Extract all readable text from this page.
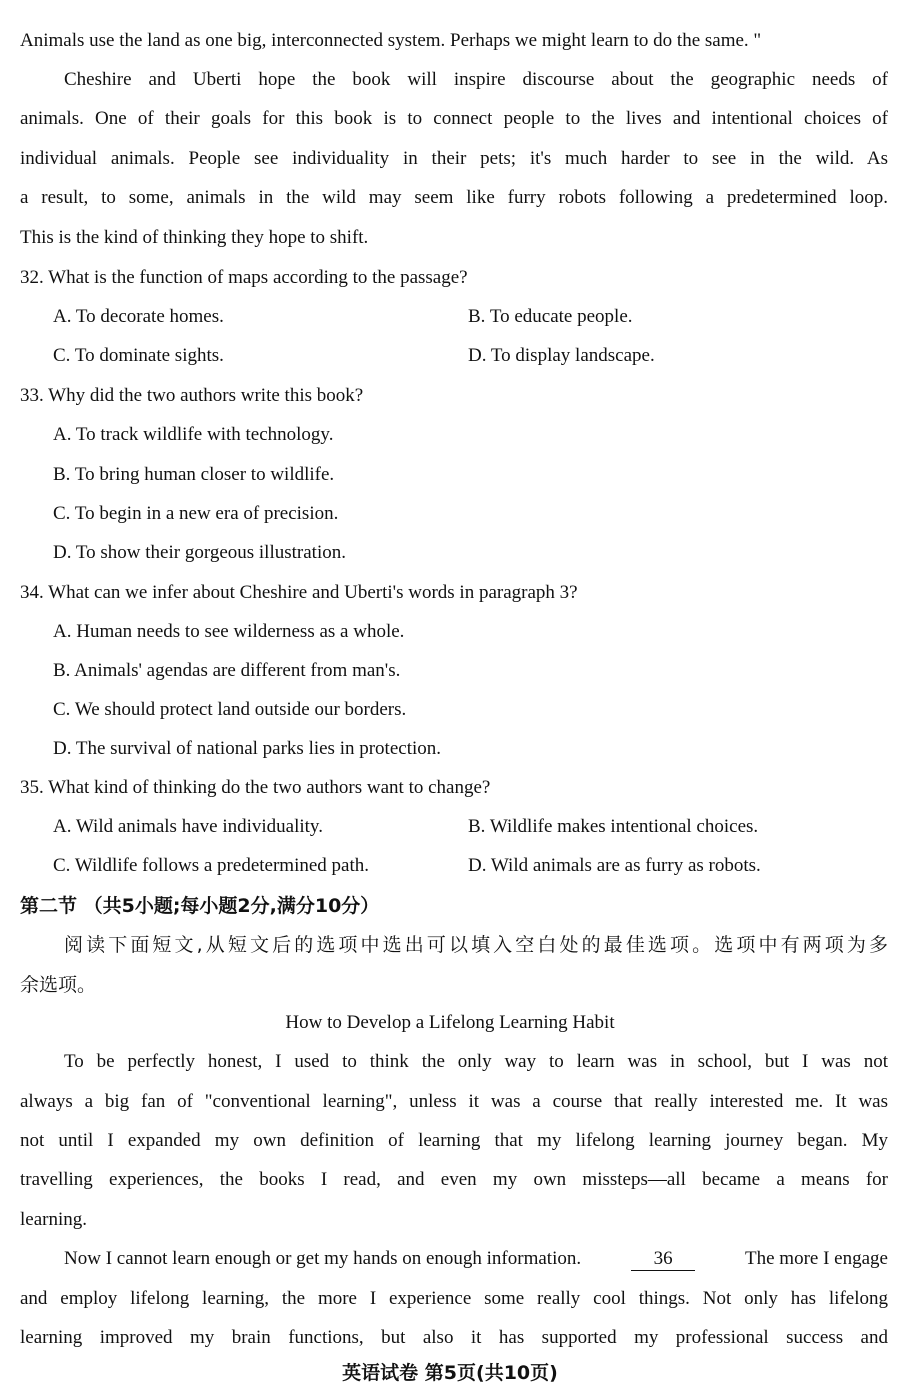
Animals use the land as one big, interconnected system. Perhaps we might learn to do the same. "
Cheshire and Uberti hope the book will inspire discourse about the geographic needs of
animals. One of their goals for this book is to connect people to the lives and intentional choices of
individual animals. People see individuality in their pets; it's much harder to see in the wild. As
a result, to some, animals in the wild may seem like furry robots following a predetermined loop.
This is the kind of thinking they hope to shift.
32. What is the function of maps according to the passage?
A. To decorate homes.	B. To educate people.
C. To dominate sights.	D. To display landscape.
33. Why did the two authors write this book?
A. To track wildlife with technology.
B. To bring human closer to wildlife.
C. To begin in a new era of precision.
D. To show their gorgeous illustration.
34. What can we infer about Cheshire and Uberti's words in paragraph 3?
A. Human needs to see wilderness as a whole.
B. Animals' agendas are different from man's.
C. We should protect land outside our borders.
D. The survival of national parks lies in protection.
35. What kind of thinking do the two authors want to change?
A. Wild animals have individuality.	B. Wildlife makes intentional choices.
C. Wildlife follows a predetermined path.	D. Wild animals are as furry as robots.
第二节 （共5小题;每小题2分,满分10分）
阅读下面短文,从短文后的选项中选出可以填入空白处的最佳选项。选项中有两项为多
余选项。
How to Develop a Lifelong Learning Habit
To be perfectly honest, I used to think the only way to learn was in school, but I was not
always a big fan of "conventional learning", unless it was a course that really interested me. It was
not until I expanded my own definition of learning that my lifelong learning journey began. My
travelling experiences, the books I read, and even my own missteps—all became a means for
learning.
Now I cannot learn enough or get my hands on enough information.	36	The more I engage
and employ lifelong learning, the more I experience some really cool things. Not only has lifelong
learning improved my brain functions, but also it has supported my professional success and
英语试卷 第5页(共10页)
